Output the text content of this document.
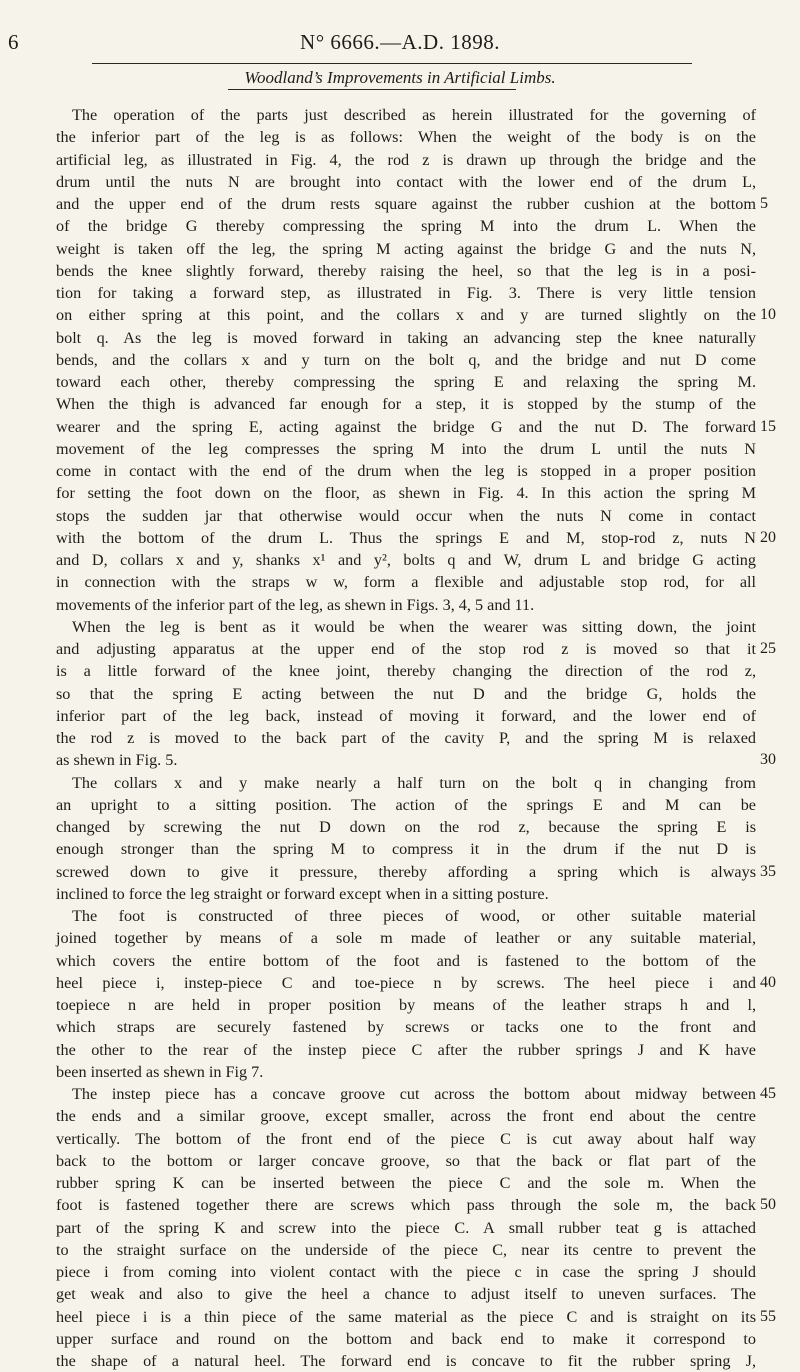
6	N° 6666.—A.D. 1898.
Woodland’s Improvements in Artificial Limbs.
The operation of the parts just described as herein illustrated for the governing of
the inferior part of the leg is as follows: When the weight of the body is on the
artificial leg, as illustrated in Fig. 4, the rod z is drawn up through the bridge and the
drum until the nuts N are brought into contact with the lower end of the drum L,
and the upper end of the drum rests square against the rubber cushion at the bottom 5
of the bridge G thereby compressing the spring M into the drum L. When the
weight is taken off the leg, the spring M acting against the bridge G and the nuts N,
bends the knee slightly forward, thereby raising the heel, so that the leg is in a posi-
tion for taking a forward step, as illustrated in Fig. 3. There is very little tension
on either spring at this point, and the collars x and y are turned slightly on the 10
bolt q. As the leg is moved forward in taking an advancing step the knee naturally
bends, and the collars x and y turn on the bolt q, and the bridge and nut D come
toward each other, thereby compressing the spring E and relaxing the spring M.
When the thigh is advanced far enough for a step, it is stopped by the stump of the
wearer and the spring E, acting against the bridge G and the nut D. The forward 15
movement of the leg compresses the spring M into the drum L until the nuts N
come in contact with the end of the drum when the leg is stopped in a proper position
for setting the foot down on the floor, as shewn in Fig. 4. In this action the spring M
stops the sudden jar that otherwise would occur when the nuts N come in contact
with the bottom of the drum L. Thus the springs E and M, stop-rod z, nuts N 20
and D, collars x and y, shanks x¹ and y², bolts q and W, drum L and bridge G acting
in connection with the straps w w, form a flexible and adjustable stop rod, for all
movements of the inferior part of the leg, as shewn in Figs. 3, 4, 5 and 11.
When the leg is bent as it would be when the wearer was sitting down, the joint
and adjusting apparatus at the upper end of the stop rod z is moved so that it 25
is a little forward of the knee joint, thereby changing the direction of the rod z,
so that the spring E acting between the nut D and the bridge G, holds the
inferior part of the leg back, instead of moving it forward, and the lower end of
the rod z is moved to the back part of the cavity P, and the spring M is relaxed
as shewn in Fig. 5.	30
The collars x and y make nearly a half turn on the bolt q in changing from
an upright to a sitting position. The action of the springs E and M can be
changed by screwing the nut D down on the rod z, because the spring E is
enough stronger than the spring M to compress it in the drum if the nut D is
screwed down to give it pressure, thereby affording a spring which is always 35
inclined to force the leg straight or forward except when in a sitting posture.
The foot is constructed of three pieces of wood, or other suitable material
joined together by means of a sole m made of leather or any suitable material,
which covers the entire bottom of the foot and is fastened to the bottom of the
heel piece i, instep-piece C and toe-piece n by screws. The heel piece i and 40
toepiece n are held in proper position by means of the leather straps h and l,
which straps are securely fastened by screws or tacks one to the front and
the other to the rear of the instep piece C after the rubber springs J and K have
been inserted as shewn in Fig 7.
The instep piece has a concave groove cut across the bottom about midway between 45
the ends and a similar groove, except smaller, across the front end about the centre
vertically. The bottom of the front end of the piece C is cut away about half way
back to the bottom or larger concave groove, so that the back or flat part of the
rubber spring K can be inserted between the piece C and the sole m. When the
foot is fastened together there are screws which pass through the sole m, the back 50
part of the spring K and screw into the piece C. A small rubber teat g is attached
to the straight surface on the underside of the piece C, near its centre to prevent the
piece i from coming into violent contact with the piece c in case the spring J should
get weak and also to give the heel a chance to adjust itself to uneven surfaces. The
heel piece i is a thin piece of the same material as the piece C and is straight on its 55
upper surface and round on the bottom and back end to make it correspond to
the shape of a natural heel. The forward end is concave to fit the rubber spring J,
